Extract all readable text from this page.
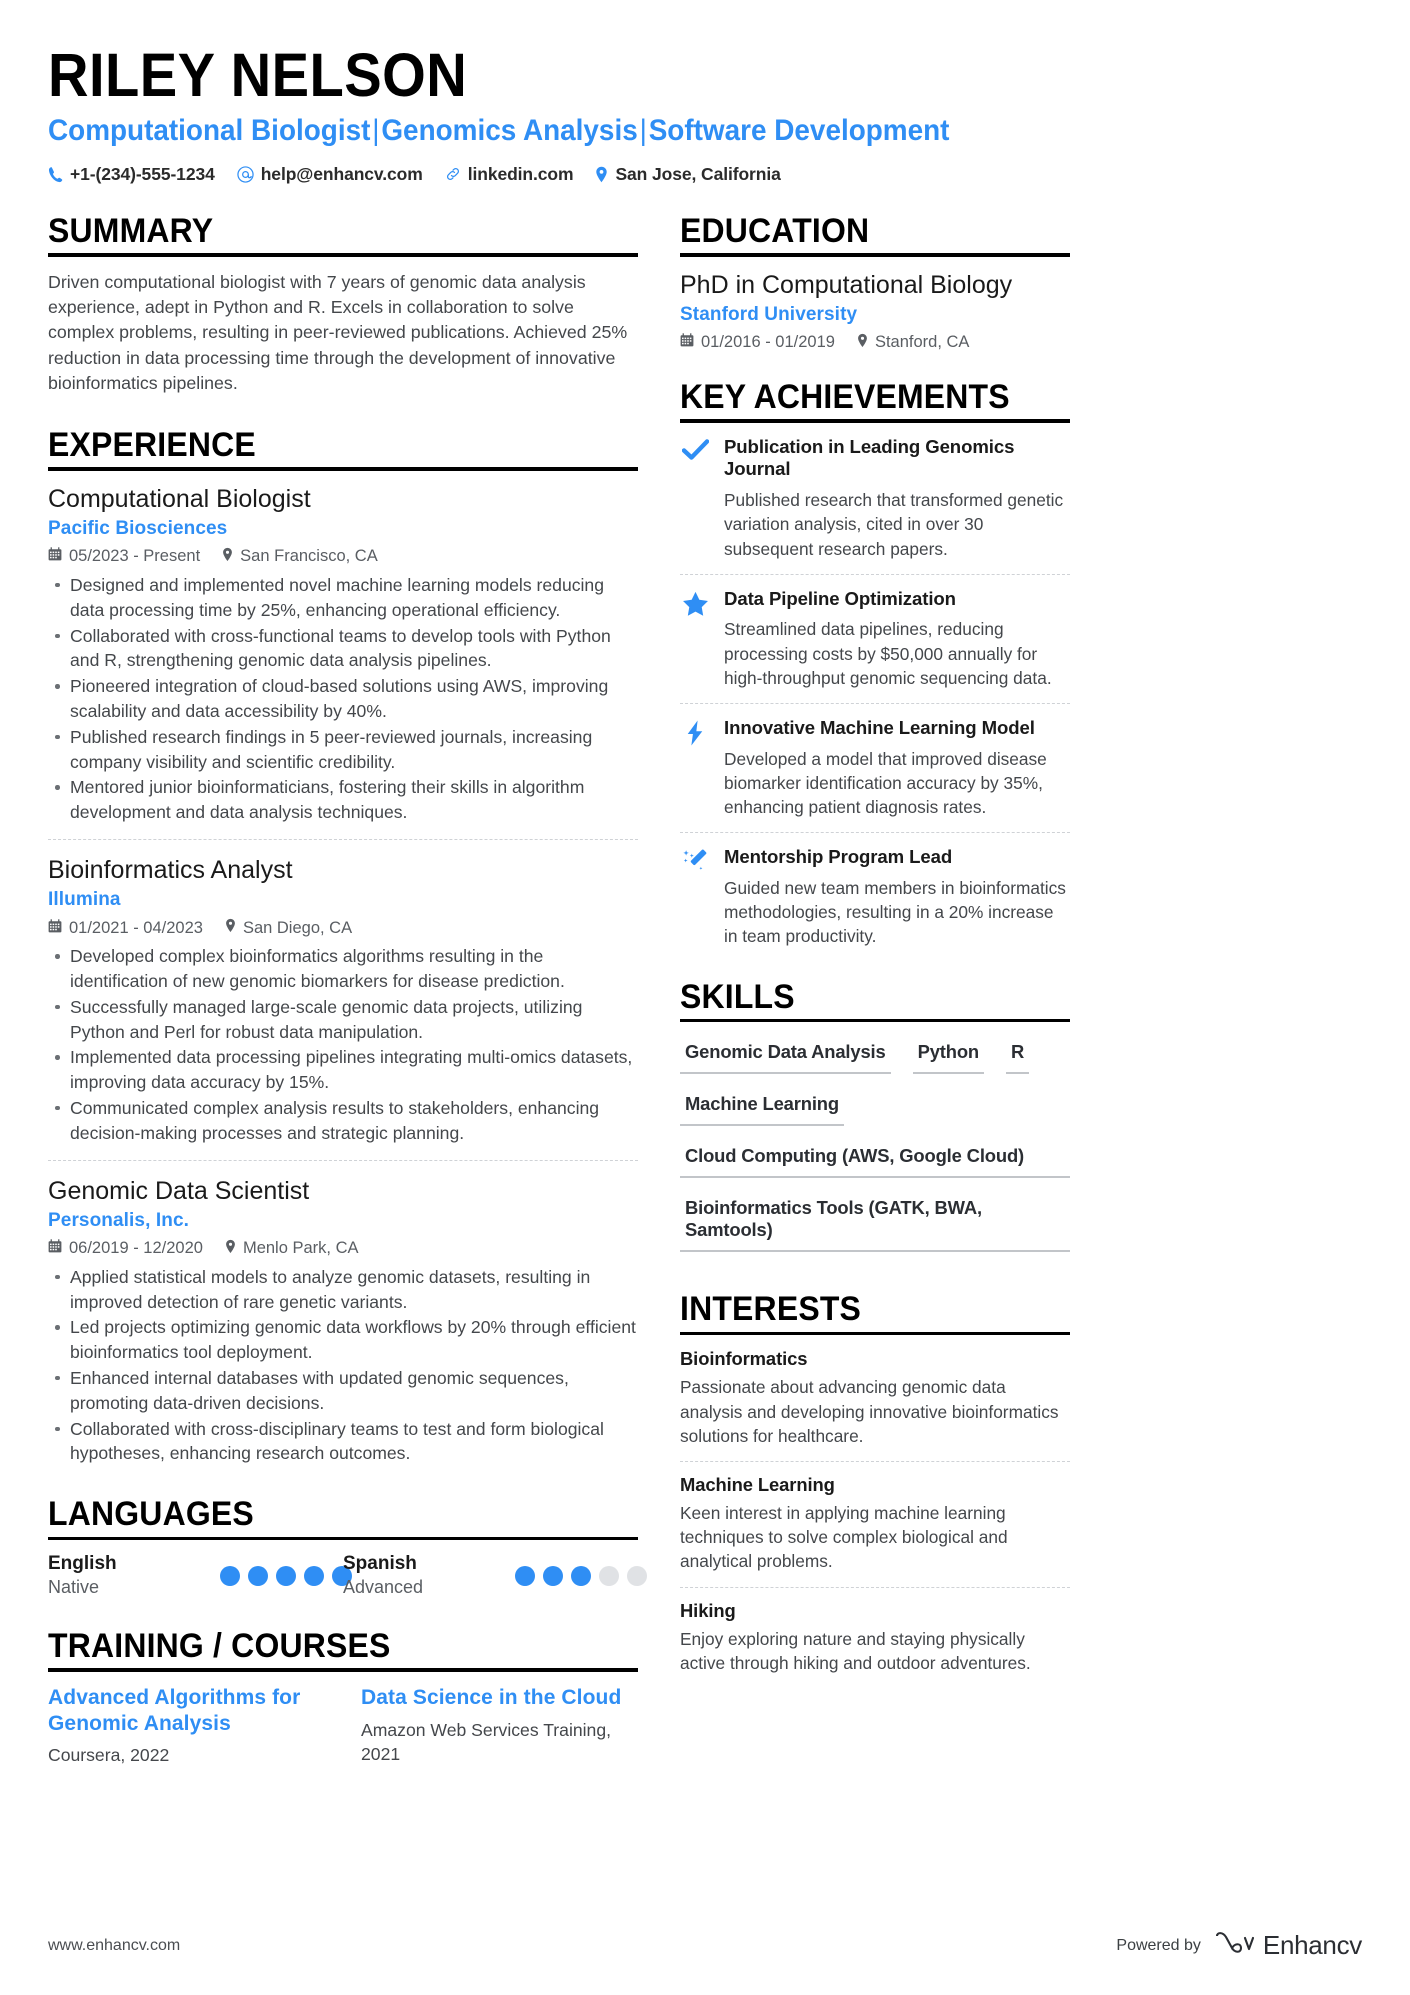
RILEY NELSON
Computational Biologist|Genomics Analysis|Software Development
+1-(234)-555-1234	help@enhancv.com	linkedin.com San Jose, California
SUMMARY
Driven computational biologist with 7 years of genomic data analysis experience, adept in Python and R. Excels in collaboration to solve complex problems, resulting in peer-reviewed publications. Achieved 25% reduction in data processing time through the development of innovative bioinformatics pipelines.
EXPERIENCE
Computational Biologist
Pacific Biosciences
05/2023 - Present San Francisco, CA
Designed and implemented novel machine learning models reducing data processing time by 25%, enhancing operational efficiency.
Collaborated with cross-functional teams to develop tools with Python and R, strengthening genomic data analysis pipelines.
Pioneered integration of cloud-based solutions using AWS, improving scalability and data accessibility by 40%.
Published research findings in 5 peer-reviewed journals, increasing company visibility and scientific credibility.
Mentored junior bioinformaticians, fostering their skills in algorithm development and data analysis techniques.
Bioinformatics Analyst
Illumina
01/2021 - 04/2023 San Diego, CA
Developed complex bioinformatics algorithms resulting in the identification of new genomic biomarkers for disease prediction.
Successfully managed large-scale genomic data projects, utilizing Python and Perl for robust data manipulation.
Implemented data processing pipelines integrating multi-omics datasets, improving data accuracy by 15%.
Communicated complex analysis results to stakeholders, enhancing decision-making processes and strategic planning.
Genomic Data Scientist
Personalis, Inc.
06/2019 - 12/2020 Menlo Park, CA
Applied statistical models to analyze genomic datasets, resulting in improved detection of rare genetic variants.
Led projects optimizing genomic data workflows by 20% through efficient bioinformatics tool deployment.
Enhanced internal databases with updated genomic sequences, promoting data-driven decisions.
Collaborated with cross-disciplinary teams to test and form biological hypotheses, enhancing research outcomes.
LANGUAGES
English
Native
Spanish
Advanced
TRAINING / COURSES
Advanced Algorithms for Genomic Analysis
Coursera, 2022
Data Science in the Cloud
Amazon Web Services Training, 2021
EDUCATION
PhD in Computational Biology
Stanford University
01/2016 - 01/2019 Stanford, CA
KEY ACHIEVEMENTS
Publication in Leading Genomics Journal
Published research that transformed genetic variation analysis, cited in over 30 subsequent research papers.
Data Pipeline Optimization
Streamlined data pipelines, reducing processing costs by $50,000 annually for high-throughput genomic sequencing data.
Innovative Machine Learning Model
Developed a model that improved disease biomarker identification accuracy by 35%, enhancing patient diagnosis rates.
Mentorship Program Lead
Guided new team members in bioinformatics methodologies, resulting in a 20% increase in team productivity.
SKILLS
Genomic Data Analysis Python R
Machine Learning
Cloud Computing (AWS, Google Cloud)
Bioinformatics Tools (GATK, BWA, Samtools)
INTERESTS
Bioinformatics
Passionate about advancing genomic data analysis and developing innovative bioinformatics solutions for healthcare.
Machine Learning
Keen interest in applying machine learning techniques to solve complex biological and analytical problems.
Hiking
Enjoy exploring nature and staying physically active through hiking and outdoor adventures.
www.enhancv.com	Powered by Enhancv
